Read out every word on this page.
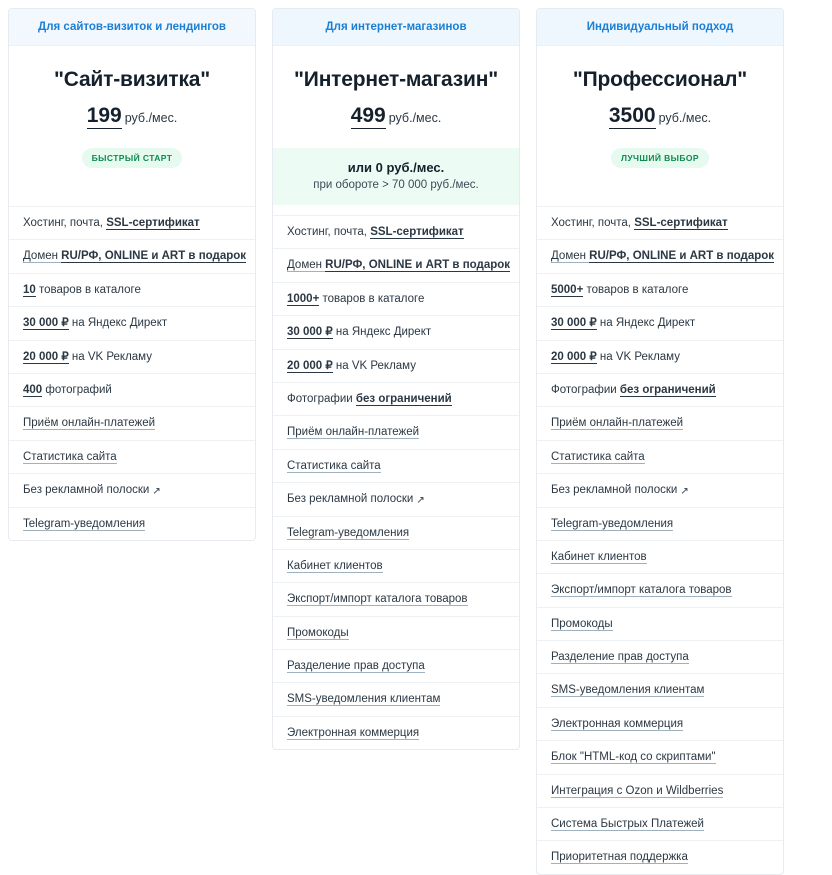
Для сайтов-визиток и лендингов
"Сайт-визитка"
199 руб./мес.
БЫСТРЫЙ СТАРТ
Хостинг, почта, SSL-сертификат
Домен RU/РФ, ONLINE и ART в подарок
10 товаров в каталоге
30 000 ₽ на Яндекс Директ
20 000 ₽ на VK Рекламу
400 фотографий
Приём онлайн-платежей
Статистика сайта
Без рекламной полоски ↗
Telegram-уведомления
Для интернет-магазинов
"Интернет-магазин"
499 руб./мес.
или 0 руб./мес.
при обороте > 70 000 руб./мес.
Хостинг, почта, SSL-сертификат
Домен RU/РФ, ONLINE и ART в подарок
1000+ товаров в каталоге
30 000 ₽ на Яндекс Директ
20 000 ₽ на VK Рекламу
Фотографии без ограничений
Приём онлайн-платежей
Статистика сайта
Без рекламной полоски ↗
Telegram-уведомления
Кабинет клиентов
Экспорт/импорт каталога товаров
Промокоды
Разделение прав доступа
SMS-уведомления клиентам
Электронная коммерция
Индивидуальный подход
"Профессионал"
3500 руб./мес.
ЛУЧШИЙ ВЫБОР
Хостинг, почта, SSL-сертификат
Домен RU/РФ, ONLINE и ART в подарок
5000+ товаров в каталоге
30 000 ₽ на Яндекс Директ
20 000 ₽ на VK Рекламу
Фотографии без ограничений
Приём онлайн-платежей
Статистика сайта
Без рекламной полоски ↗
Telegram-уведомления
Кабинет клиентов
Экспорт/импорт каталога товаров
Промокоды
Разделение прав доступа
SMS-уведомления клиентам
Электронная коммерция
Блок "HTML-код со скриптами"
Интеграция с Ozon и Wildberries
Система Быстрых Платежей
Приоритетная поддержка
